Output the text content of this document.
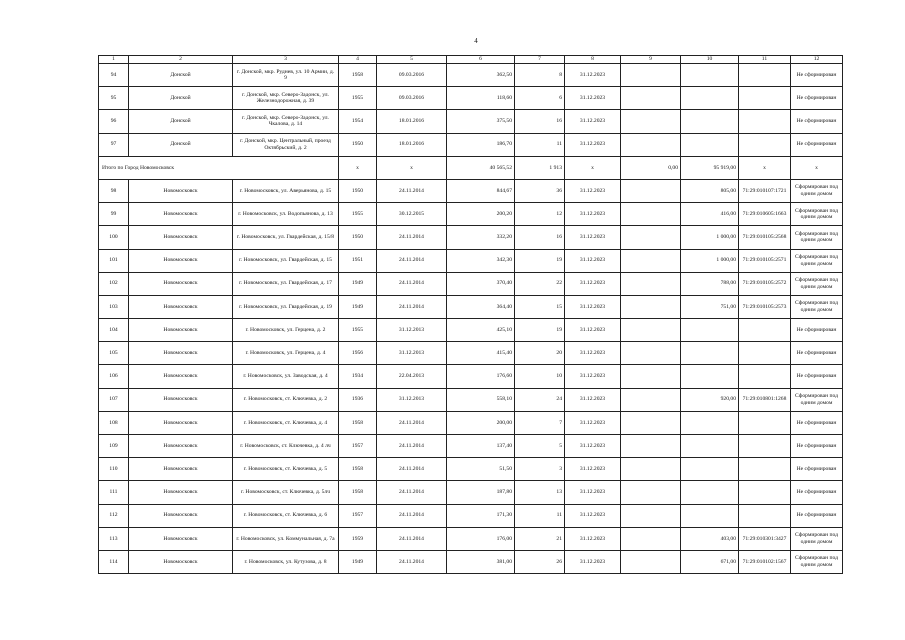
4
1	2	3	4	5	6	7	8	9	10	11	12
94	Донской	г. Донской, мкр. Руднев, ул. 10 Армии, д. 9	1958	09.03.2016	362,50	8	31.12.2023				Не сформирован
95	Донской	г. Донской, мкр. Северо-Задонск, ул. Железнодорожная, д. 39	1955	09.03.2016	118,60	6	31.12.2023				Не сформирован
96	Донской	г. Донской, мкр. Северо-Задонск, ул. Чкалова, д. 14	1954	18.01.2016	375,50	16	31.12.2023				Не сформирован
97	Донской	г. Донской, мкр. Центральный, проезд Октябрьский, д. 2	1950	18.01.2016	186,70	11	31.12.2023				Не сформирован
Итого по Город Новомосковск			x	x	40 565,52	1 913	x	0,00	95 919,00	x	x
98	Новомосковск	г. Новомосковск, ул. Аверьянова, д. 15	1950	24.11.2014	844,67	36	31.12.2023		805,00	71:29:010107:1721	Сформирован под одним домом
99	Новомосковск	г. Новомосковск, ул. Водопьянова, д. 13	1955	30.12.2015	200,20	12	31.12.2023		416,00	71:29:010605:1663	Сформирован под одним домом
100	Новомосковск	г. Новомосковск, ул. Гвардейская, д. 15/8	1950	24.11.2014	332,20	16	31.12.2023		1 000,00	71:29:010105:2568	Сформирован под одним домом
101	Новомосковск	г. Новомосковск, ул. Гвардейская, д. 15	1951	24.11.2014	342,30	19	31.12.2023		1 000,00	71:29:010105:2571	Сформирован под одним домом
102	Новомосковск	г. Новомосковск, ул. Гвардейская, д. 17	1949	24.11.2014	370,40	22	31.12.2023		788,00	71:29:010105:2572	Сформирован под одним домом
103	Новомосковск	г. Новомосковск, ул. Гвардейская, д. 19	1949	24.11.2014	364,40	15	31.12.2023		751,00	71:29:010105:2573	Сформирован под одним домом
104	Новомосковск	г. Новомосковск, ул. Герцена, д. 2	1955	31.12.2013	425,10	19	31.12.2023				Не сформирован
105	Новомосковск	г. Новомосковск, ул. Герцена, д. 4	1956	31.12.2013	415,40	20	31.12.2023				Не сформирован
106	Новомосковск	г. Новомосковск, ул. Заводская, д. 4	1934	22.04.2013	176,60	10	31.12.2023				Не сформирован
107	Новомосковск	г. Новомосковск, ст. Ключевка, д. 2	1936	31.12.2013	558,10	24	31.12.2023		920,00	71:29:010801:1268	Сформирован под одним домом
108	Новомосковск	г. Новомосковск, ст. Ключевка, д. 4	1958	24.11.2014	200,00	7	31.12.2023				Не сформирован
109	Новомосковск	г. Новомосковск, ст. Ключевка, д. 4 лч	1957	24.11.2014	137,40	5	31.12.2023				Не сформирован
110	Новомосковск	г. Новомосковск, ст. Ключевка, д. 5	1958	24.11.2014	51,50	3	31.12.2023				Не сформирован
111	Новомосковск	г. Новомосковск, ст. Ключевка, д. 5лч	1958	24.11.2014	187,80	13	31.12.2023				Не сформирован
112	Новомосковск	г. Новомосковск, ст. Ключевка, д. 6	1957	24.11.2014	171,30	11	31.12.2023				Не сформирован
113	Новомосковск	г. Новомосковск, ул. Коммунальная, д. 7а	1959	24.11.2014	176,00	21	31.12.2023		403,00	71:29:010301:3427	Сформирован под одним домом
114	Новомосковск	г. Новомосковск, ул. Кутузова, д. 8	1949	24.11.2014	381,00	26	31.12.2023		671,00	71:29:010102:1567	Сформирован под одним домом
